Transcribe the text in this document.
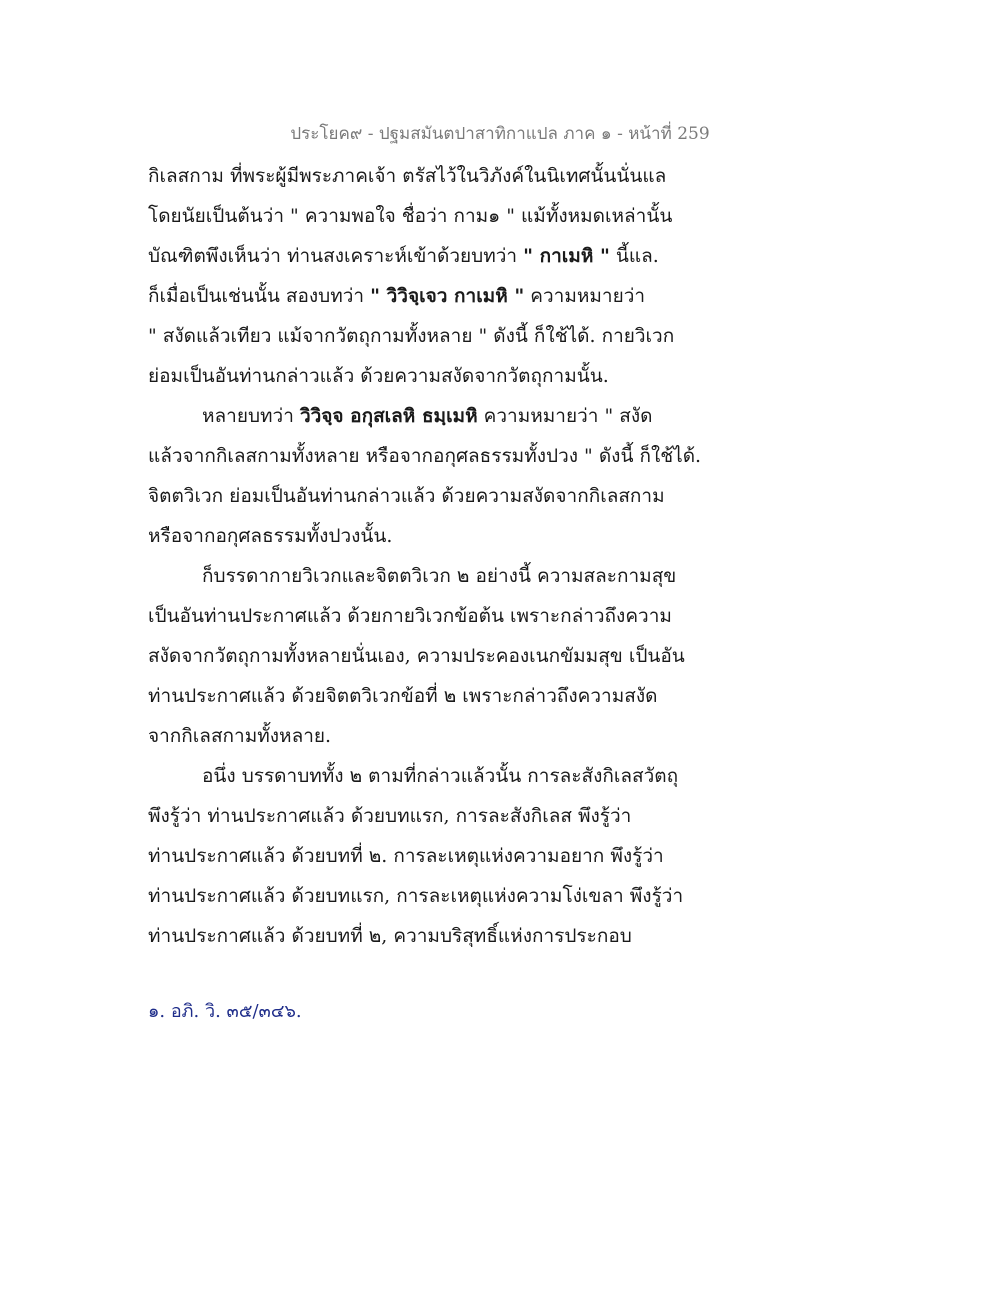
ประโยค๙ - ปฐมสมันตปาสาทิกาแปล ภาค ๑ - หน้าที่ 259
กิเลสกาม ที่พระผู้มีพระภาคเจ้า ตรัสไว้ในวิภังค์ในนิเทศนั้นนั่นแล
โดยนัยเป็นต้นว่า " ความพอใจ ชื่อว่า กาม๑ " แม้ทั้งหมดเหล่านั้น
บัณฑิตพึงเห็นว่า ท่านสงเคราะห์เข้าด้วยบทว่า " กาเมหิ " นี้แล.
ก็เมื่อเป็นเช่นนั้น สองบทว่า " วิวิจฺเจว กาเมหิ " ความหมายว่า
" สงัดแล้วเทียว แม้จากวัตถุกามทั้งหลาย " ดังนี้ ก็ใช้ได้. กายวิเวก
ย่อมเป็นอันท่านกล่าวแล้ว ด้วยความสงัดจากวัตถุกามนั้น.
หลายบทว่า วิวิจฺจ อกุสเลหิ ธมฺเมหิ ความหมายว่า " สงัด
แล้วจากกิเลสกามทั้งหลาย หรือจากอกุศลธรรมทั้งปวง " ดังนี้ ก็ใช้ได้.
จิตตวิเวก ย่อมเป็นอันท่านกล่าวแล้ว ด้วยความสงัดจากกิเลสกาม
หรือจากอกุศลธรรมทั้งปวงนั้น.
ก็บรรดากายวิเวกและจิตตวิเวก ๒ อย่างนี้ ความสละกามสุข
เป็นอันท่านประกาศแล้ว ด้วยกายวิเวกข้อต้น เพราะกล่าวถึงความ
สงัดจากวัตถุกามทั้งหลายนั่นเอง, ความประคองเนกขัมมสุข เป็นอัน
ท่านประกาศแล้ว ด้วยจิตตวิเวกข้อที่ ๒ เพราะกล่าวถึงความสงัด
จากกิเลสกามทั้งหลาย.
อนึ่ง บรรดาบททั้ง ๒ ตามที่กล่าวแล้วนั้น การละสังกิเลสวัตถุ
พึงรู้ว่า ท่านประกาศแล้ว ด้วยบทแรก, การละสังกิเลส พึงรู้ว่า
ท่านประกาศแล้ว ด้วยบทที่ ๒. การละเหตุแห่งความอยาก พึงรู้ว่า
ท่านประกาศแล้ว ด้วยบทแรก, การละเหตุแห่งความโง่เขลา พึงรู้ว่า
ท่านประกาศแล้ว ด้วยบทที่ ๒, ความบริสุทธิ์แห่งการประกอบ
๑. อภิ. วิ. ๓๕/๓๔๖.
